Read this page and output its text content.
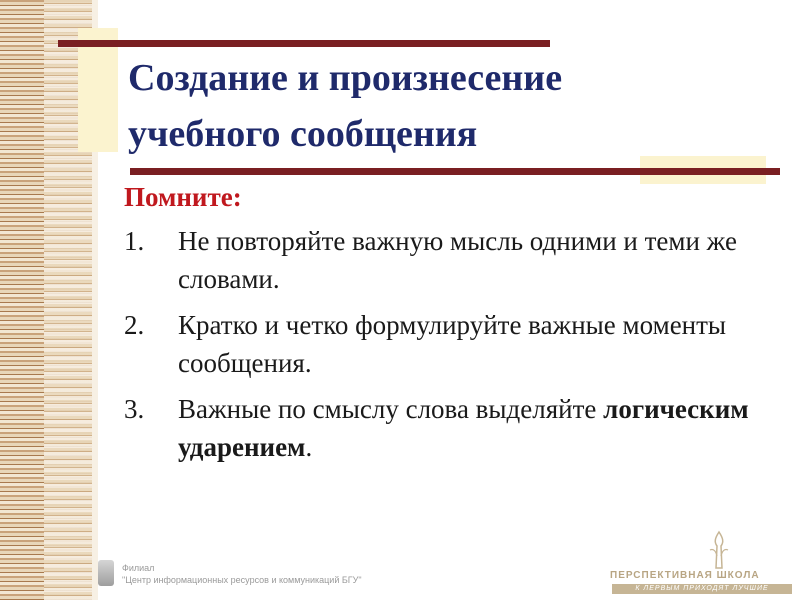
Создание и произнесение
учебного сообщения

Помните:

1.	Не повторяйте важную мысль одними и теми же словами.
2.	Кратко и четко формулируйте важные моменты сообщения.
3.	Важные по смыслу слова выделяйте логическим ударением.
Филиал
"Центр информационных ресурсов и коммуникаций БГУ"	ПЕРСПЕКТИВНАЯ ШКОЛА
К ЛЕРВЫМ ПРИХОДЯТ ЛУЧШИЕ
